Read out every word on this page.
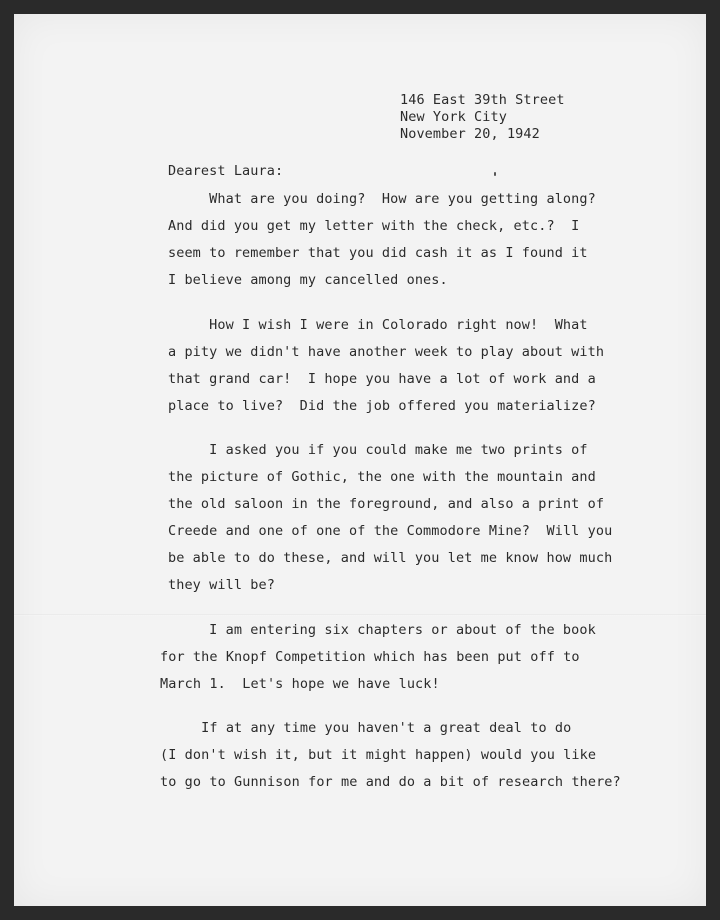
146 East 39th Street
New York City
November 20, 1942
Dearest Laura:
What are you doing?  How are you getting along?
And did you get my letter with the check, etc.?  I
seem to remember that you did cash it as I found it
I believe among my cancelled ones.
How I wish I were in Colorado right now!  What
a pity we didn't have another week to play about with
that grand car!  I hope you have a lot of work and a
place to live?  Did the job offered you materialize?
I asked you if you could make me two prints of
the picture of Gothic, the one with the mountain and
the old saloon in the foreground, and also a print of
Creede and one of one of the Commodore Mine?  Will you
be able to do these, and will you let me know how much
they will be?
I am entering six chapters or about of the book
for the Knopf Competition which has been put off to
March 1.  Let's hope we have luck!
If at any time you haven't a great deal to do
(I don't wish it, but it might happen) would you like
to go to Gunnison for me and do a bit of research there?
